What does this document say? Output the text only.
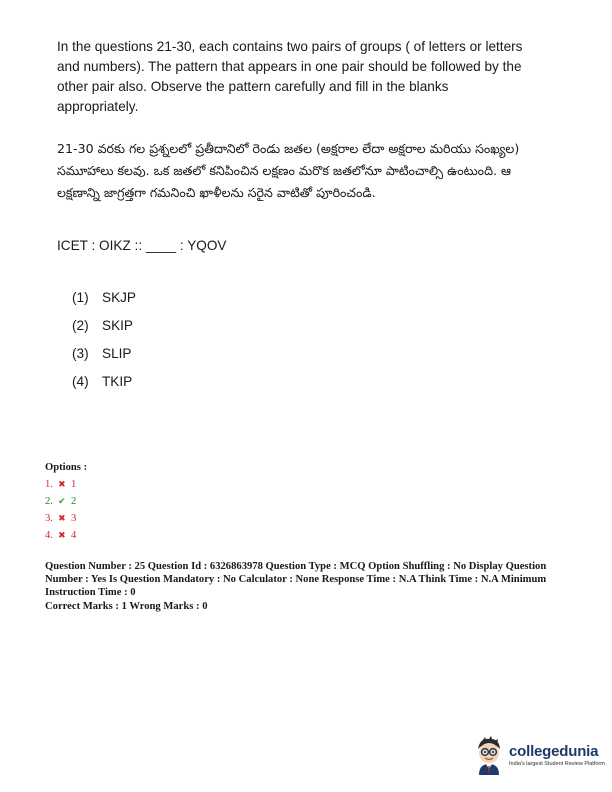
In the questions 21-30, each contains two pairs of groups ( of letters or letters and numbers). The pattern that appears in one pair should be followed by the other pair also. Observe the pattern carefully and fill in the blanks appropriately.
21-30 వరకు గల ప్రశ్నలలో ప్రతీదానిలో రెండు జతల (అక్షరాల లేదా అక్షరాల మరియు సంఖ్యల) సమూహాలు కలవు. ఒక జతలో కనిపించిన లక్షణం మరొక జతలోనూ పాటించాల్సి ఉంటుంది. ఆ లక్షణాన్ని జాగ్రత్తగా గమనించి ఖాళీలను సరైన వాటితో పూరించండి.
ICET : OIKZ :: ____ : YQOV
(1) SKJP
(2) SKIP
(3) SLIP
(4) TKIP
Options :
1. ✖ 1
2. ✔ 2
3. ✖ 3
4. ✖ 4
Question Number : 25 Question Id : 6326863978 Question Type : MCQ Option Shuffling : No Display Question Number : Yes Is Question Mandatory : No Calculator : None Response Time : N.A Think Time : N.A Minimum Instruction Time : 0
Correct Marks : 1 Wrong Marks : 0
collegedunia
India's largest Student Review Platform
